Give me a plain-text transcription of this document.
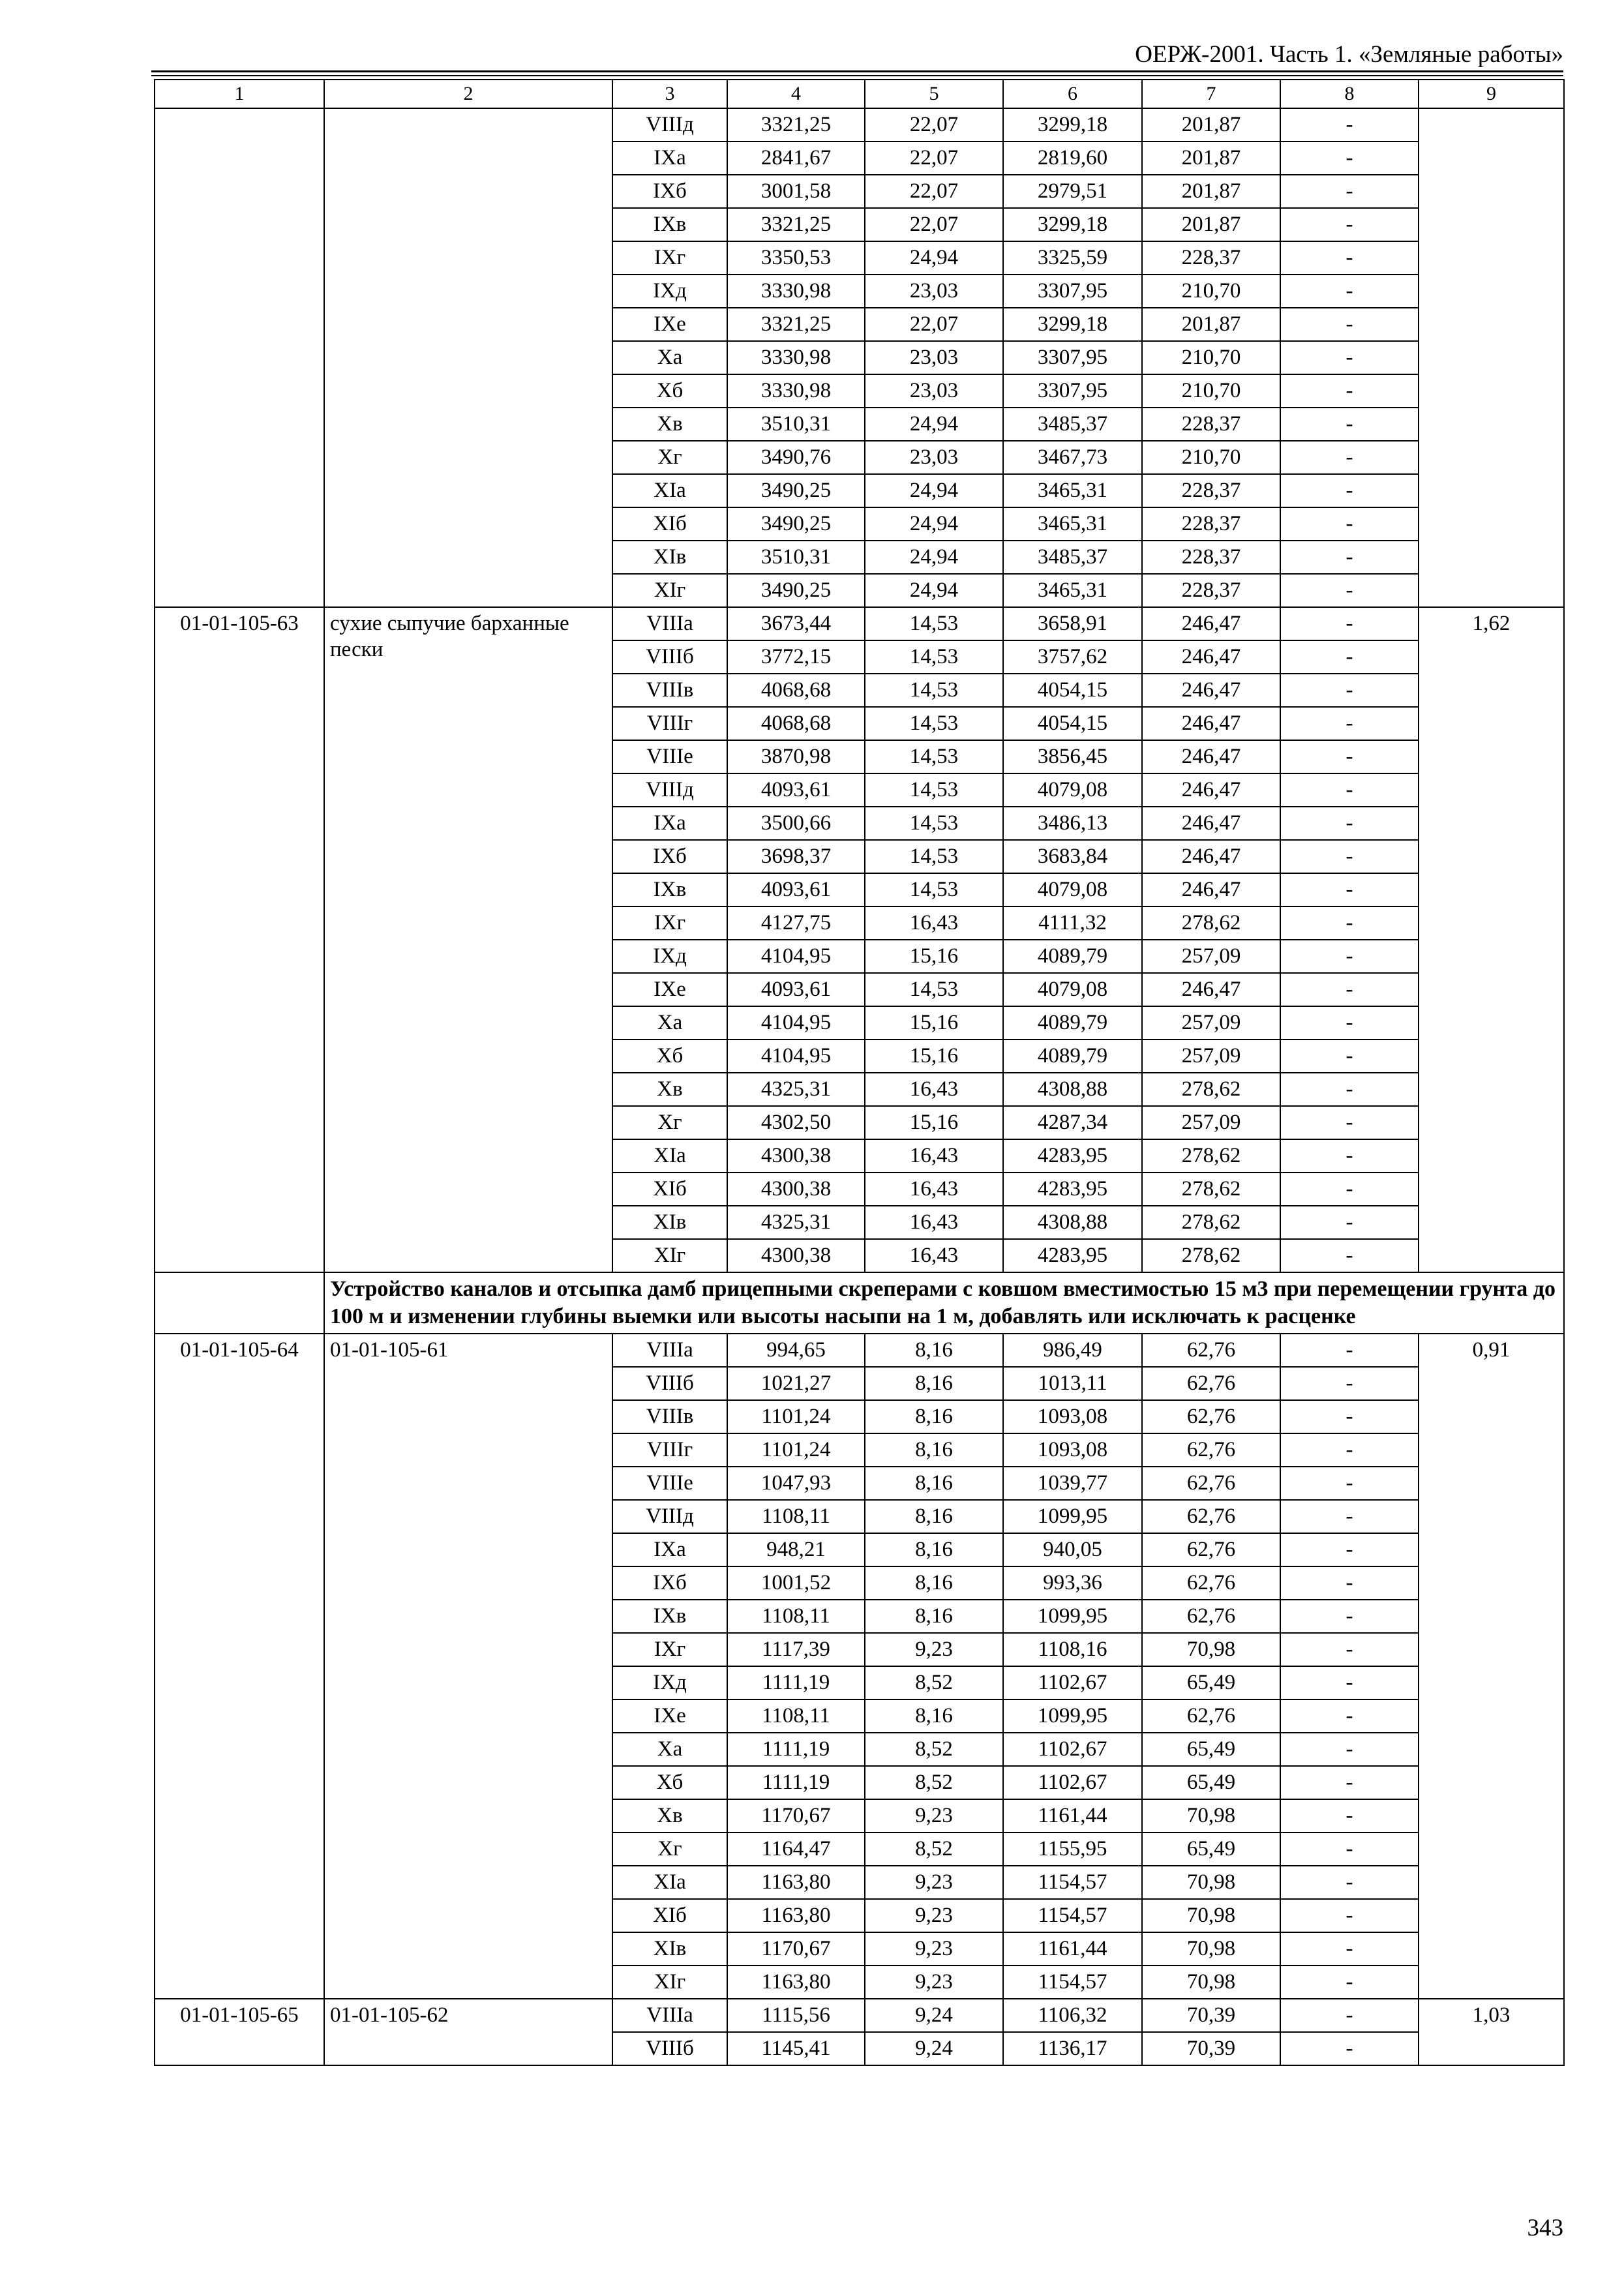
ОЕРЖ-2001. Часть 1. «Земляные работы»
1	2	3	4	5	6	7	8	9
		VIIIд	3321,25	22,07	3299,18	201,87	-	
		IXа	2841,67	22,07	2819,60	201,87	-	
		IXб	3001,58	22,07	2979,51	201,87	-	
		IXв	3321,25	22,07	3299,18	201,87	-	
		IXг	3350,53	24,94	3325,59	228,37	-	
		IXд	3330,98	23,03	3307,95	210,70	-	
		IXе	3321,25	22,07	3299,18	201,87	-	
		Xа	3330,98	23,03	3307,95	210,70	-	
		Xб	3330,98	23,03	3307,95	210,70	-	
		Xв	3510,31	24,94	3485,37	228,37	-	
		Xг	3490,76	23,03	3467,73	210,70	-	
		XIа	3490,25	24,94	3465,31	228,37	-	
		XIб	3490,25	24,94	3465,31	228,37	-	
		XIв	3510,31	24,94	3485,37	228,37	-	
		XIг	3490,25	24,94	3465,31	228,37	-	
01-01-105-63	сухие сыпучие барханные пески	VIIIа	3673,44	14,53	3658,91	246,47	-	1,62
		VIIIб	3772,15	14,53	3757,62	246,47	-	
		VIIIв	4068,68	14,53	4054,15	246,47	-	
		VIIIг	4068,68	14,53	4054,15	246,47	-	
		VIIIе	3870,98	14,53	3856,45	246,47	-	
		VIIIд	4093,61	14,53	4079,08	246,47	-	
		IXа	3500,66	14,53	3486,13	246,47	-	
		IXб	3698,37	14,53	3683,84	246,47	-	
		IXв	4093,61	14,53	4079,08	246,47	-	
		IXг	4127,75	16,43	4111,32	278,62	-	
		IXд	4104,95	15,16	4089,79	257,09	-	
		IXе	4093,61	14,53	4079,08	246,47	-	
		Xа	4104,95	15,16	4089,79	257,09	-	
		Xб	4104,95	15,16	4089,79	257,09	-	
		Xв	4325,31	16,43	4308,88	278,62	-	
		Xг	4302,50	15,16	4287,34	257,09	-	
		XIа	4300,38	16,43	4283,95	278,62	-	
		XIб	4300,38	16,43	4283,95	278,62	-	
		XIв	4325,31	16,43	4308,88	278,62	-	
		XIг	4300,38	16,43	4283,95	278,62	-	
	Устройство каналов и отсыпка дамб прицепными скреперами с ковшом вместимостью 15 м3 при перемещении грунта до 100 м и изменении глубины выемки или высоты насыпи на 1 м, добавлять или исключать к расценке							
01-01-105-64	01-01-105-61	VIIIа	994,65	8,16	986,49	62,76	-	0,91
		VIIIб	1021,27	8,16	1013,11	62,76	-	
		VIIIв	1101,24	8,16	1093,08	62,76	-	
		VIIIг	1101,24	8,16	1093,08	62,76	-	
		VIIIе	1047,93	8,16	1039,77	62,76	-	
		VIIIд	1108,11	8,16	1099,95	62,76	-	
		IXа	948,21	8,16	940,05	62,76	-	
		IXб	1001,52	8,16	993,36	62,76	-	
		IXв	1108,11	8,16	1099,95	62,76	-	
		IXг	1117,39	9,23	1108,16	70,98	-	
		IXд	1111,19	8,52	1102,67	65,49	-	
		IXе	1108,11	8,16	1099,95	62,76	-	
		Xа	1111,19	8,52	1102,67	65,49	-	
		Xб	1111,19	8,52	1102,67	65,49	-	
		Xв	1170,67	9,23	1161,44	70,98	-	
		Xг	1164,47	8,52	1155,95	65,49	-	
		XIа	1163,80	9,23	1154,57	70,98	-	
		XIб	1163,80	9,23	1154,57	70,98	-	
		XIв	1170,67	9,23	1161,44	70,98	-	
		XIг	1163,80	9,23	1154,57	70,98	-	
01-01-105-65	01-01-105-62	VIIIа	1115,56	9,24	1106,32	70,39	-	1,03
		VIIIб	1145,41	9,24	1136,17	70,39	-	
343
